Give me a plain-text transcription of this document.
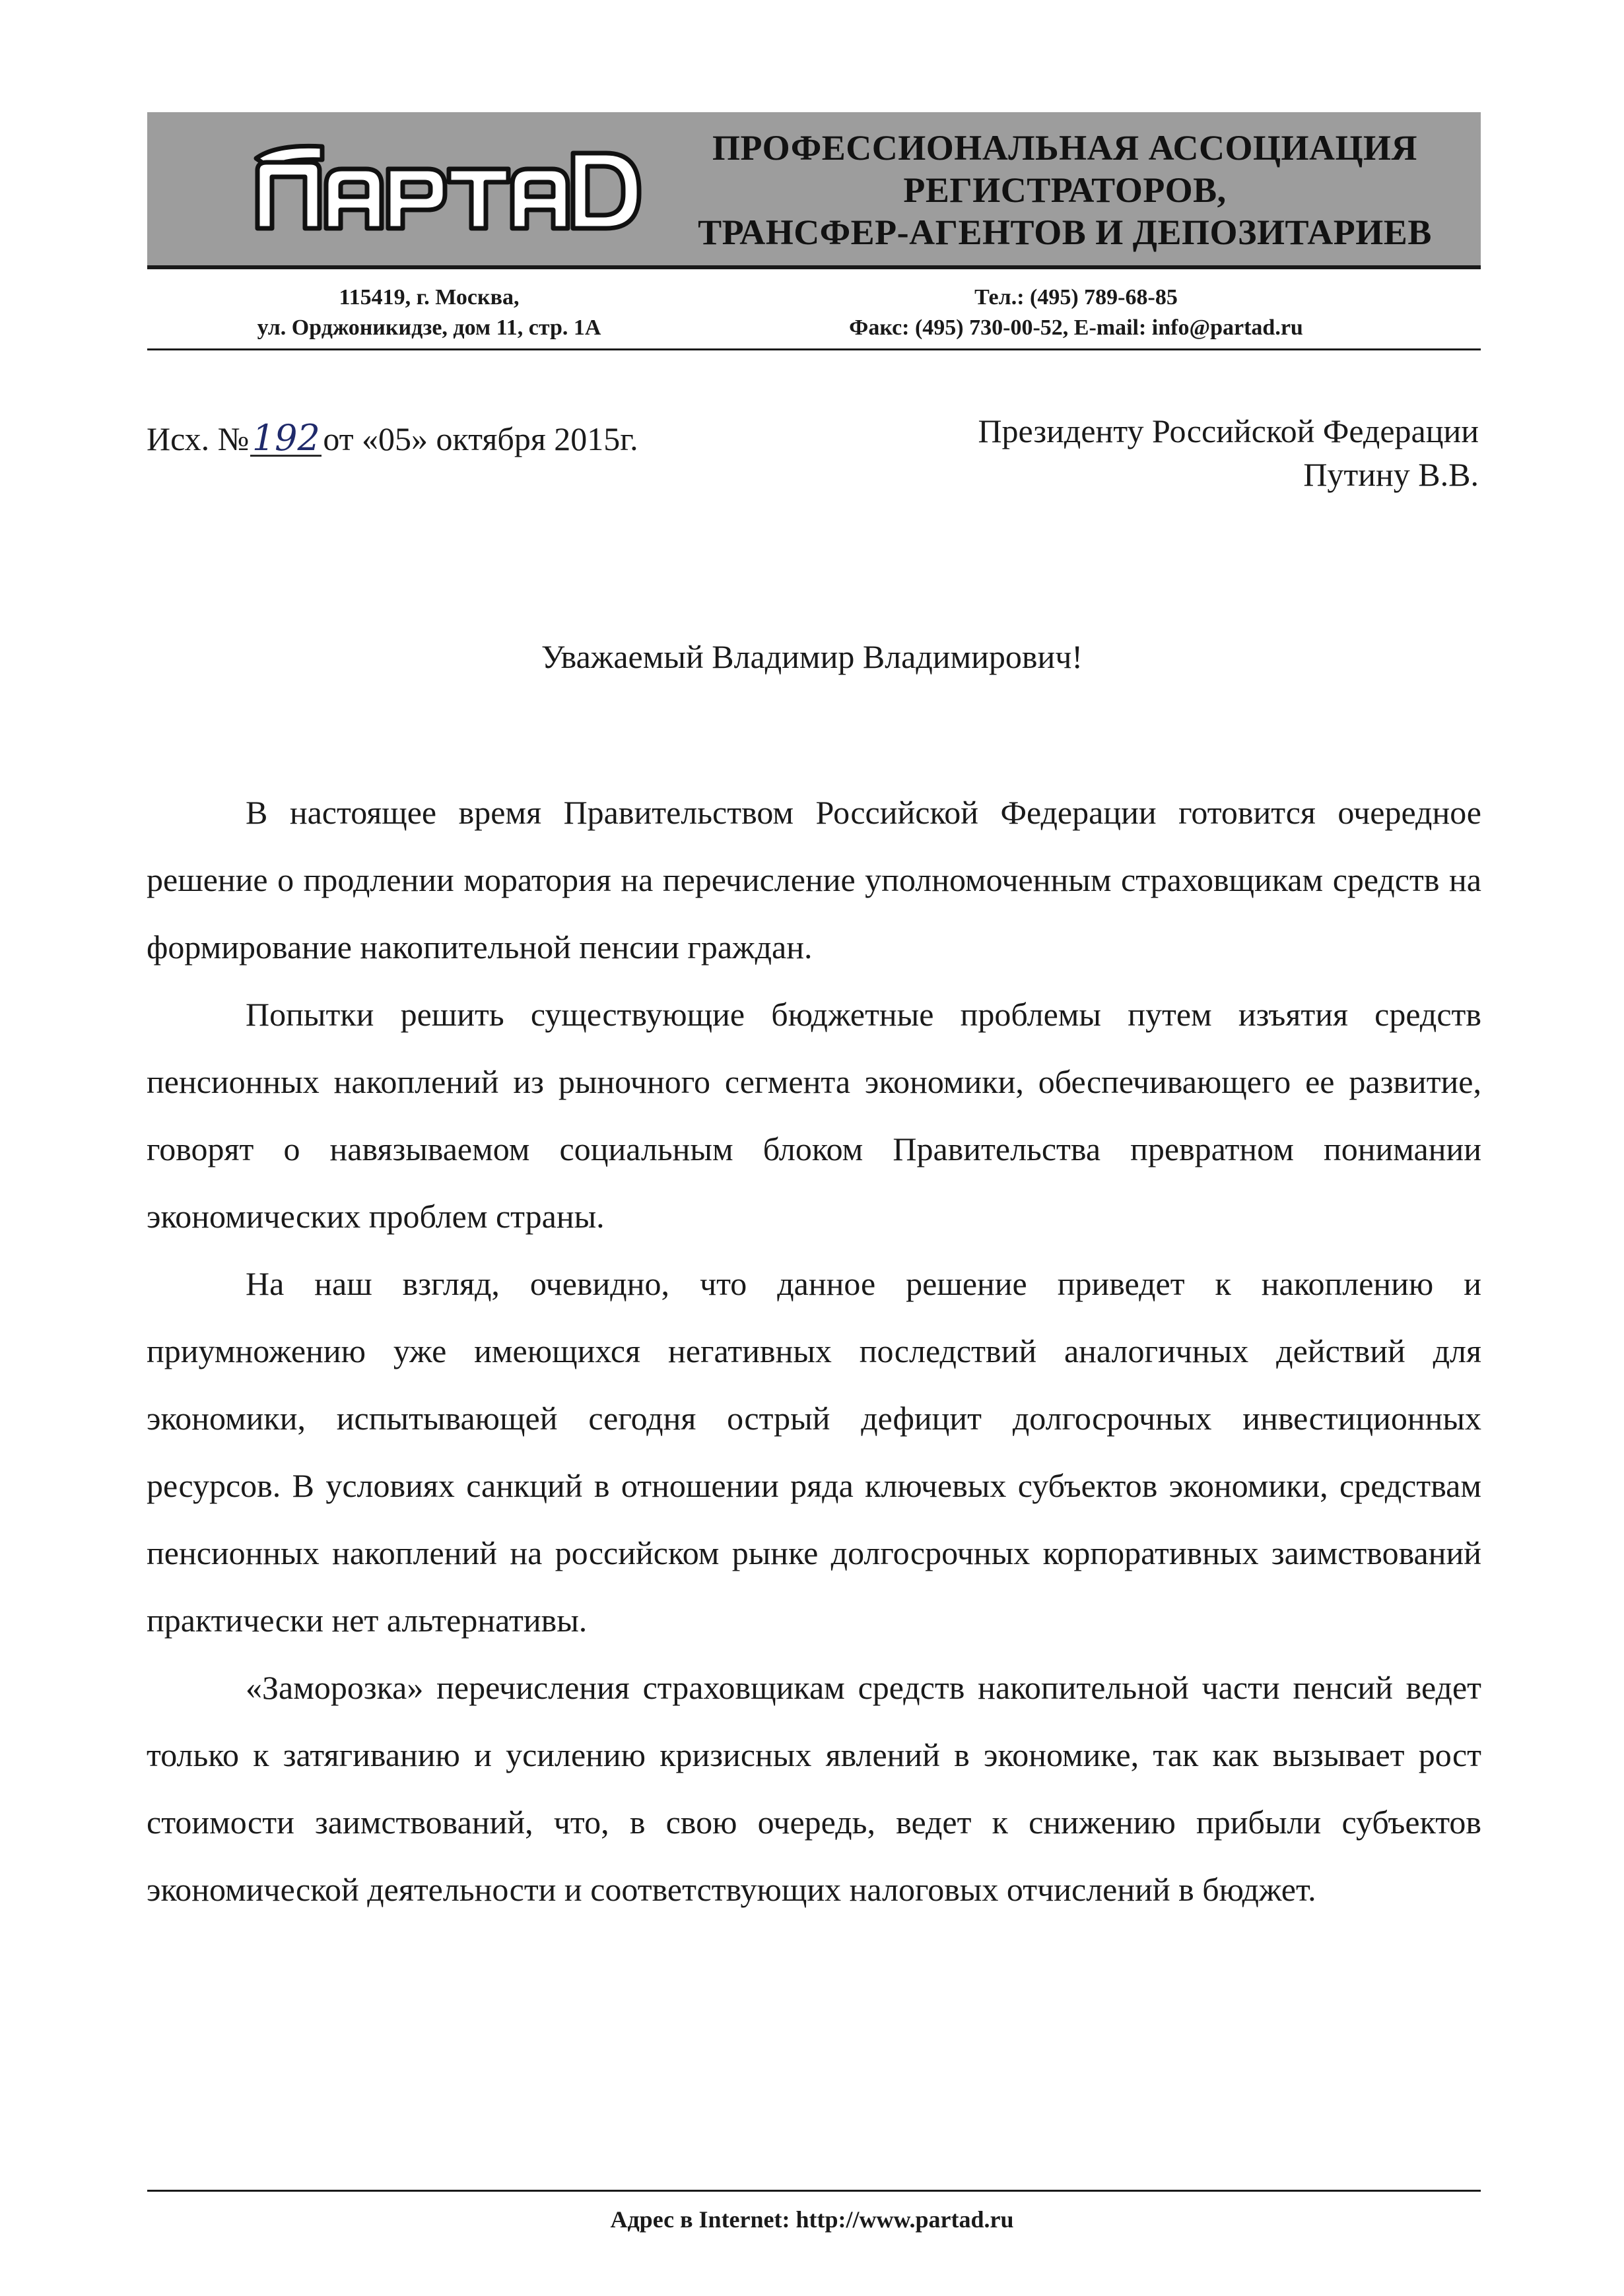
ПРОФЕССИОНАЛЬНАЯ АССОЦИАЦИЯ
РЕГИСТРАТОРОВ,
ТРАНСФЕР-АГЕНТОВ И ДЕПОЗИТАРИЕВ
115419, г. Москва,
ул. Орджоникидзе, дом 11, стр. 1А
Тел.: (495) 789-68-85
Факс: (495) 730-00-52, E-mail: info@partad.ru
Исх. №192от «05» октября 2015г.	Президенту Российской Федерации
Путину В.В.
Уважаемый Владимир Владимирович!

В настоящее время Правительством Российской Федерации готовится очередное решение о продлении моратория на перечисление уполномоченным страховщикам средств на формирование накопительной пенсии граждан.

Попытки решить существующие бюджетные проблемы путем изъятия средств пенсионных накоплений из рыночного сегмента экономики, обеспечивающего ее развитие, говорят о навязываемом социальным блоком Правительства превратном понимании экономических проблем страны.

На наш взгляд, очевидно, что данное решение приведет к накоплению и приумножению уже имеющихся негативных последствий аналогичных действий для экономики, испытывающей сегодня острый дефицит долгосрочных инвестиционных ресурсов. В условиях санкций в отношении ряда ключевых субъектов экономики, средствам пенсионных накоплений на российском рынке долгосрочных корпоративных заимствований практически нет альтернативы.

«Заморозка» перечисления страховщикам средств накопительной части пенсий ведет только к затягиванию и усилению кризисных явлений в экономике, так как вызывает рост стоимости заимствований, что, в свою очередь, ведет к снижению прибыли субъектов экономической деятельности и соответствующих налоговых отчислений в бюджет.

Адрес в Internet: http://www.partad.ru
